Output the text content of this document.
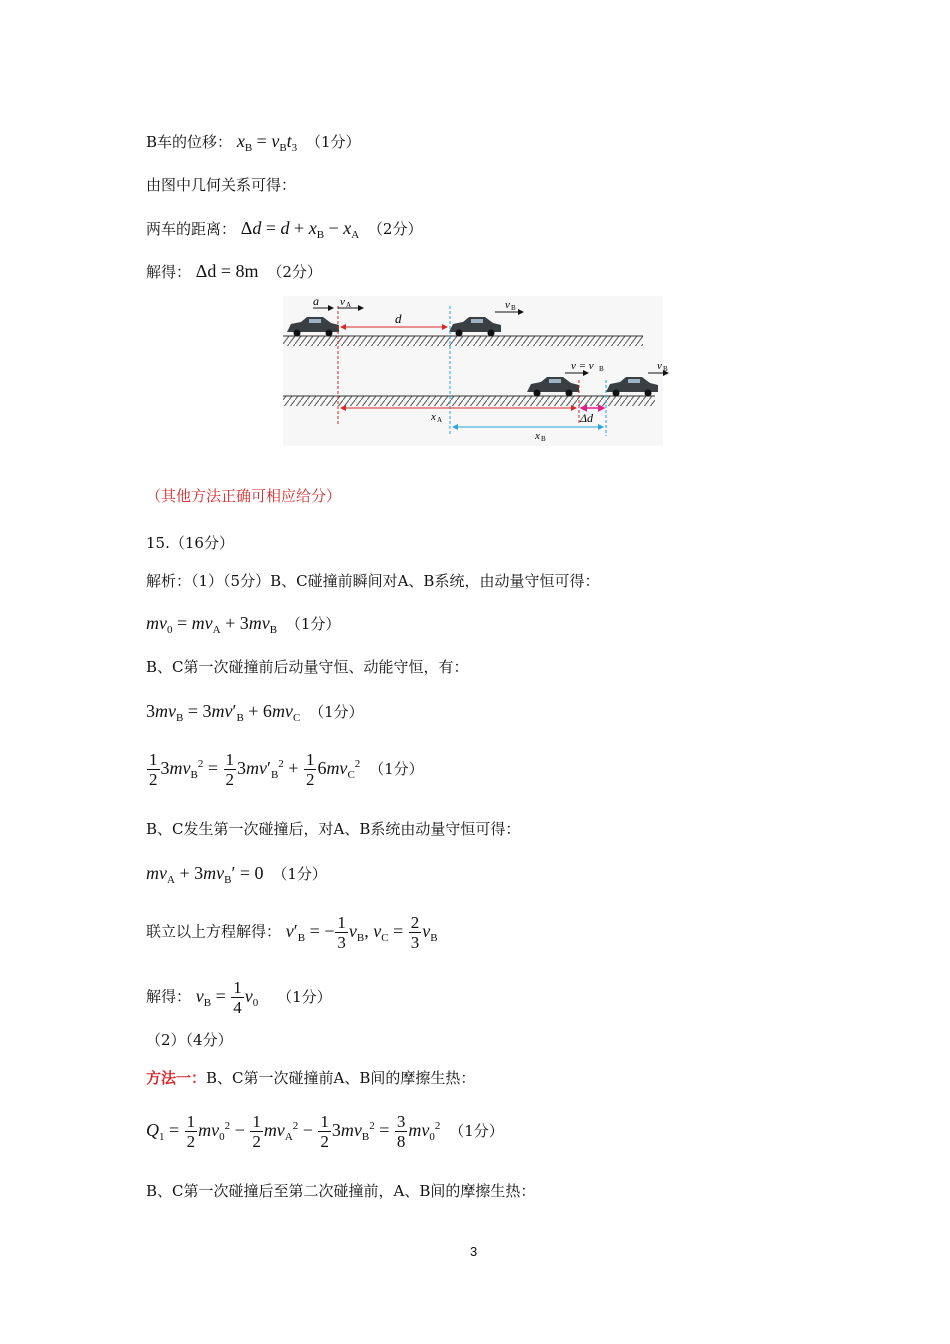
B车的位移： $x_B = v_Bt_3$ （1分）
由图中几何关系可得：
两车的距离： $\Delta d = d + x_B - x_A$ （2分）
解得： Δd = 8m （2分）
a v A
d
v B
v = v B	v B
x A
x B
Δd
（其他方法正确可相应给分）
15.（16分）
解析：（1）（5分）B、C碰撞前瞬间对A、B系统，由动量守恒可得：
$mv_0 = mv_A + 3mv_B$ （1分）
B、C第一次碰撞前后动量守恒、动能守恒，有：
$3mv_B = 3mv'_B + 6mv_C$ （1分）
$\frac{1}{2} 3mv_B^2 = \frac{1}{2} 3mv'_B^2 + \frac{1}{2} 6mv_C^2$ （1分）
B、C发生第一次碰撞后，对A、B系统由动量守恒可得：
$mv_A + 3mv_B' = 0$ （1分）
联立以上方程解得： $v'_B$ = − $\frac{1}{3} v_B$, $v_C = \frac{2}{3} v_B$
解得： $v_B = \frac{1}{4} v_0$ （1分）
（2）（4分）
方法一：B、C第一次碰撞前A、B间的摩擦生热：
$Q_1 = \frac{1}{2} mv_0^2 - \frac{1}{2} mv_A^2 - \frac{1}{2} 3mv_B^2 = \frac{3}{8} mv_0^2$ （1分）
B、C第一次碰撞后至第二次碰撞前，A、B间的摩擦生热：
3
